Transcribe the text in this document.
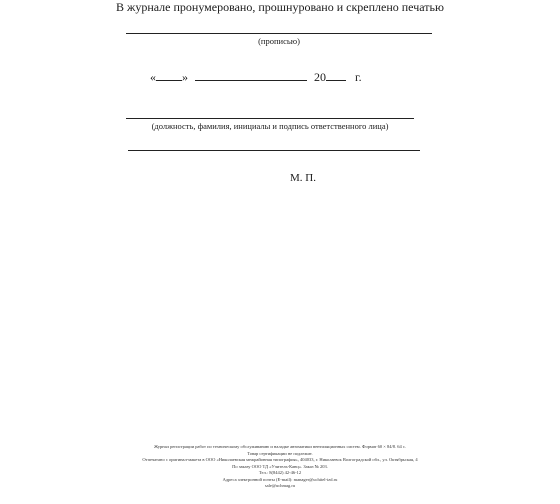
В журнале пронумеровано, прошнуровано и скреплено печатью
(прописью)
« »	20 г.
(должность, фамилия, инициалы и подпись ответственного лица)
М. П.
Журнал регистрации работ по техническому обслуживанию и наладке автоматики вентиляционных систем. Формат 60 × 84/8. 64 с.
Товар сертификации не подлежит.
Отпечатано с оригинал-макета в ООО «Николаевская межрайонная типография», 404033, г. Николаевск Волгоградской обл., ул. Октябрьская, 4
По заказу ООО ТД «Учитель-Канц». Заказ № 203.
Тел.: 8(8442) 42-46-12
Адреса электронной почты (E-mail): manager@uchitel-izd.ru
sale@uchmag.ru
